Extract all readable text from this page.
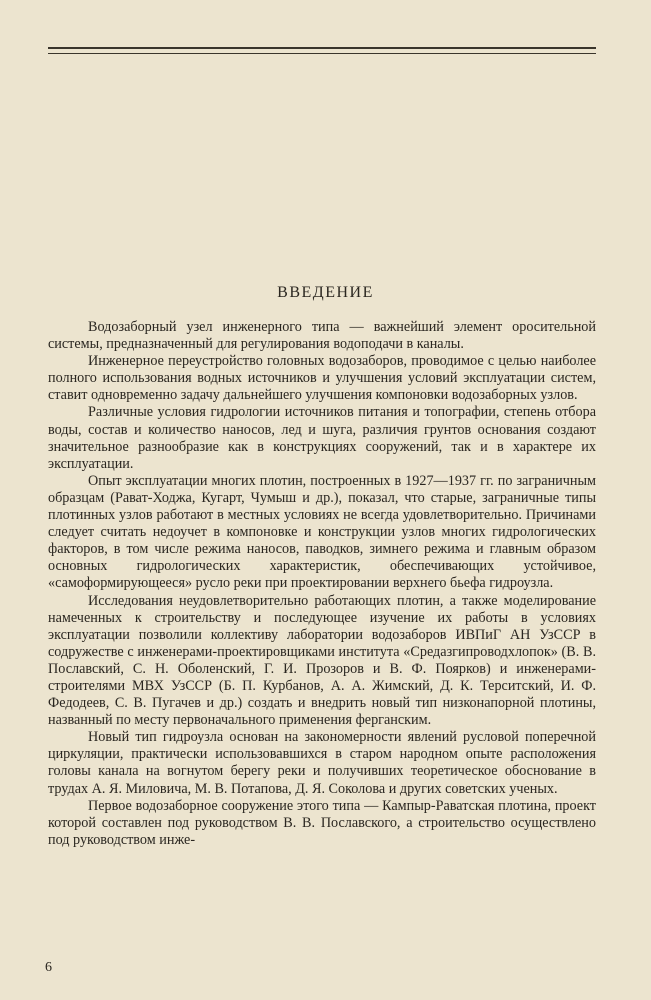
ВВЕДЕНИЕ

Водозаборный узел инженерного типа — важнейший элемент оросительной системы, предназначенный для регулирования водоподачи в каналы.

Инженерное переустройство головных водозаборов, проводимое с целью наиболее полного использования водных источников и улучшения условий эксплуатации систем, ставит одновременно задачу дальнейшего улучшения компоновки водозаборных узлов.

Различные условия гидрологии источников питания и топографии, степень отбора воды, состав и количество наносов, лед и шуга, различия грунтов основания создают значительное разнообразие как в конструкциях сооружений, так и в характере их эксплуатации.

Опыт эксплуатации многих плотин, построенных в 1927—1937 гг. по заграничным образцам (Рават-Ходжа, Кугарт, Чумыш и др.), показал, что старые, заграничные типы плотинных узлов работают в местных условиях не всегда удовлетворительно. Причинами следует считать недоучет в компоновке и конструкции узлов многих гидрологических факторов, в том числе режима наносов, паводков, зимнего режима и главным образом основных гидрологических характеристик, обеспечивающих устойчивое, «самоформирующееся» русло реки при проектировании верхнего бьефа гидроузла.

Исследования неудовлетворительно работающих плотин, а также моделирование намеченных к строительству и последующее изучение их работы в условиях эксплуатации позволили коллективу лаборатории водозаборов ИВПиГ АН УзССР в содружестве с инженерами-проектировщиками института «Средазгипроводхлопок» (В. В. Пославский, С. Н. Оболенский, Г. И. Прозоров и В. Ф. Поярков) и инженерами-строителями МВХ УзССР (Б. П. Курбанов, А. А. Жимский, Д. К. Терситский, И. Ф. Федодеев, С. В. Пугачев и др.) создать и внедрить новый тип низконапорной плотины, названный по месту первоначального применения ферганским.

Новый тип гидроузла основан на закономерности явлений русловой поперечной циркуляции, практически использовавшихся в старом народном опыте расположения головы канала на вогнутом берегу реки и получивших теоретическое обоснование в трудах А. Я. Миловича, М. В. Потапова, Д. Я. Соколова и других советских ученых.

Первое водозаборное сооружение этого типа — Кампыр-Раватская плотина, проект которой составлен под руководством В. В. Пославского, а строительство осуществлено под руководством инже-

6
